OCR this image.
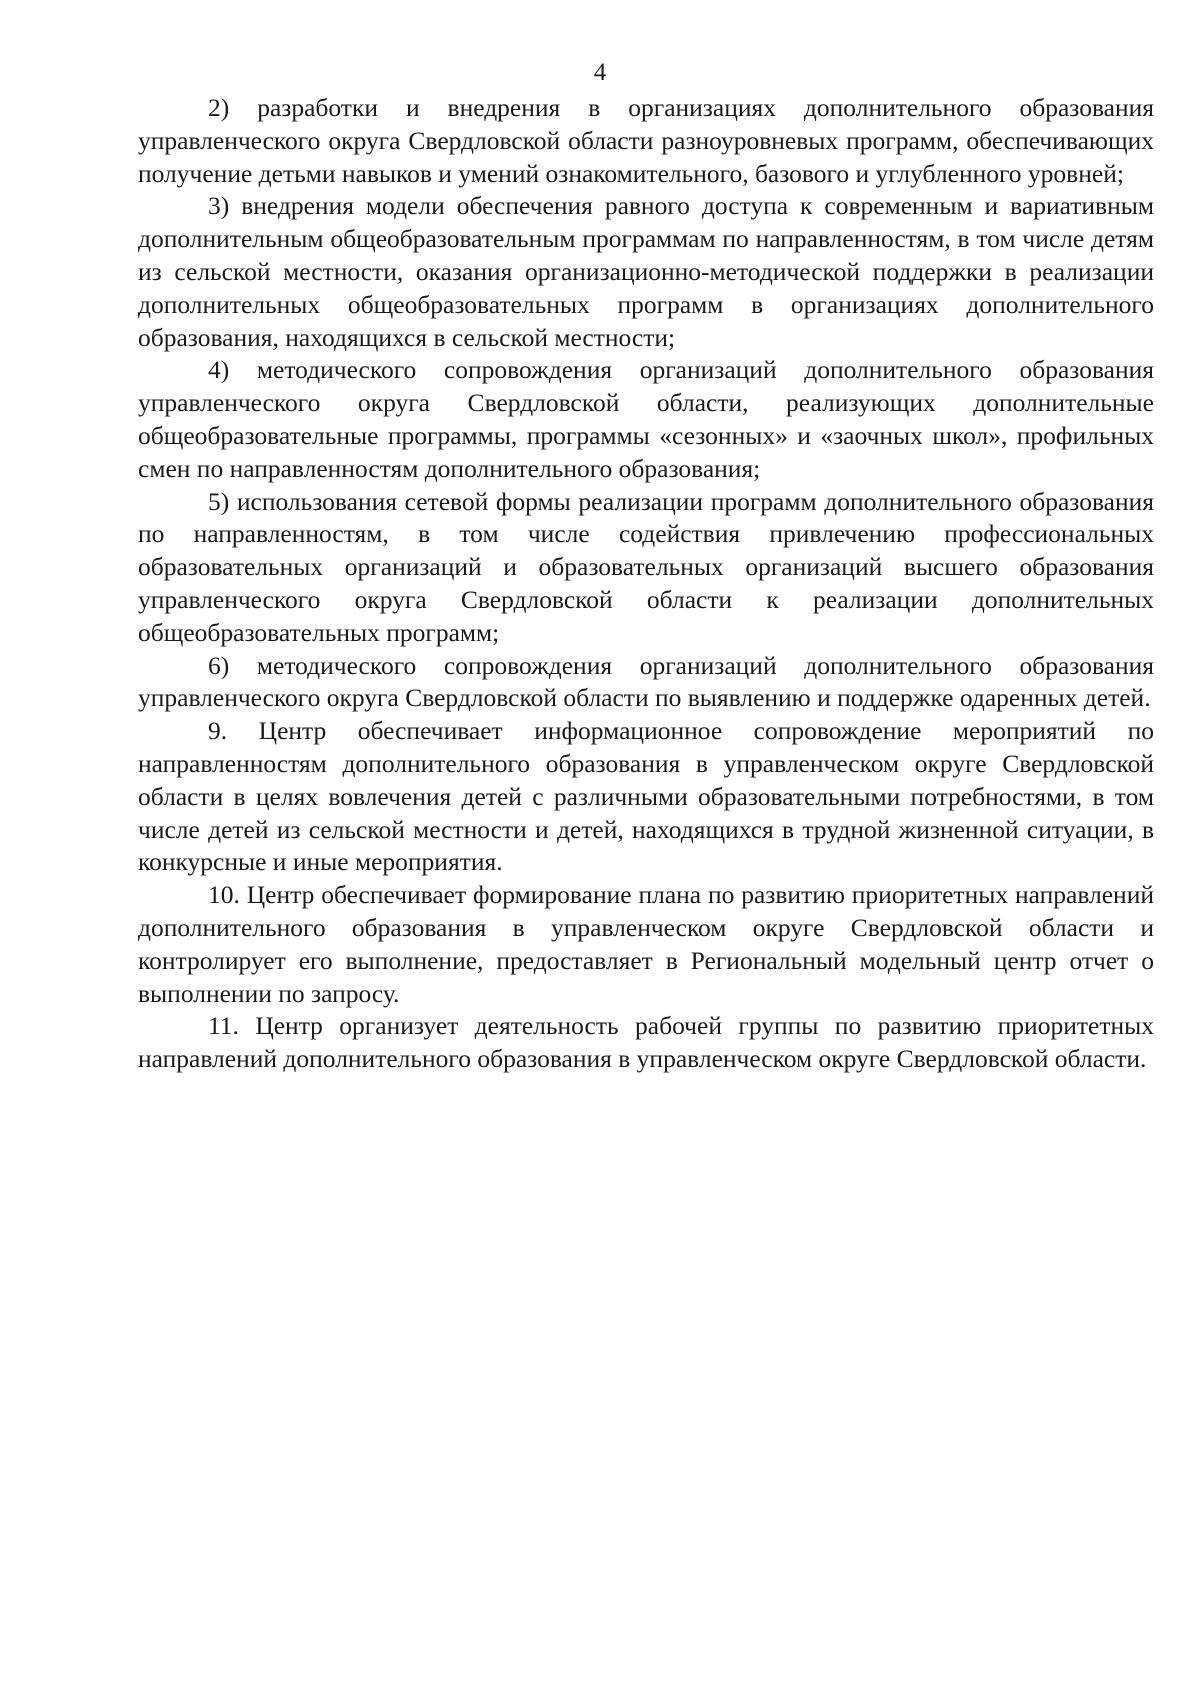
4

2) разработки и внедрения в организациях дополнительного образования управленческого округа Свердловской области разноуровневых программ, обеспечивающих получение детьми навыков и умений ознакомительного, базового и углубленного уровней;

3) внедрения модели обеспечения равного доступа к современным и вариативным дополнительным общеобразовательным программам по направленностям, в том числе детям из сельской местности, оказания организационно-методической поддержки в реализации дополнительных общеобразовательных программ в организациях дополнительного образования, находящихся в сельской местности;

4) методического сопровождения организаций дополнительного образования управленческого округа Свердловской области, реализующих дополнительные общеобразовательные программы, программы «сезонных» и «заочных школ», профильных смен по направленностям дополнительного образования;

5) использования сетевой формы реализации программ дополнительного образования по направленностям, в том числе содействия привлечению профессиональных образовательных организаций и образовательных организаций высшего образования управленческого округа Свердловской области к реализации дополнительных общеобразовательных программ;

6) методического сопровождения организаций дополнительного образования управленческого округа Свердловской области по выявлению и поддержке одаренных детей.

9. Центр обеспечивает информационное сопровождение мероприятий по направленностям дополнительного образования в управленческом округе Свердловской области в целях вовлечения детей с различными образовательными потребностями, в том числе детей из сельской местности и детей, находящихся в трудной жизненной ситуации, в конкурсные и иные мероприятия.

10. Центр обеспечивает формирование плана по развитию приоритетных направлений дополнительного образования в управленческом округе Свердловской области и контролирует его выполнение, предоставляет в Региональный модельный центр отчет о выполнении по запросу.

11. Центр организует деятельность рабочей группы по развитию приоритетных направлений дополнительного образования в управленческом округе Свердловской области.
